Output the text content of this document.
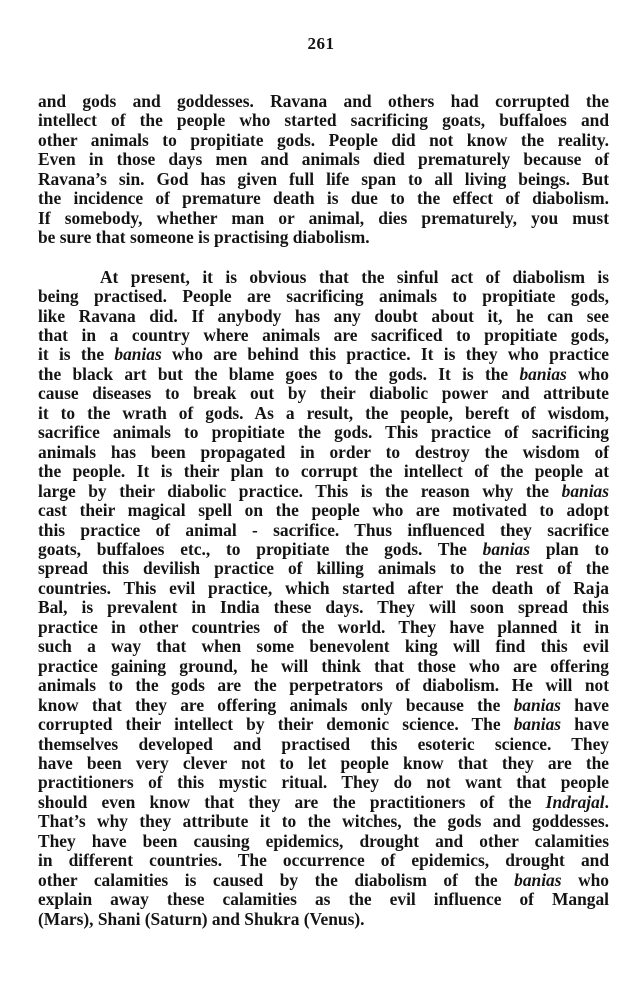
261
and gods and goddesses. Ravana and others had corrupted the
intellect of the people who started sacrificing goats, buffaloes and
other animals to propitiate gods. People did not know the reality.
Even in those days men and animals died prematurely because of
Ravana’s sin. God has given full life span to all living beings. But
the incidence of premature death is due to the effect of diabolism.
If somebody, whether man or animal, dies prematurely, you must
be sure that someone is practising diabolism.
At present, it is obvious that the sinful act of diabolism is
being practised. People are sacrificing animals to propitiate gods,
like Ravana did. If anybody has any doubt about it, he can see
that in a country where animals are sacrificed to propitiate gods,
it is the banias who are behind this practice. It is they who practice
the black art but the blame goes to the gods. It is the banias who
cause diseases to break out by their diabolic power and attribute
it to the wrath of gods. As a result, the people, bereft of wisdom,
sacrifice animals to propitiate the gods. This practice of sacrificing
animals has been propagated in order to destroy the wisdom of
the people. It is their plan to corrupt the intellect of the people at
large by their diabolic practice. This is the reason why the banias
cast their magical spell on the people who are motivated to adopt
this practice of animal - sacrifice. Thus influenced they sacrifice
goats, buffaloes etc., to propitiate the gods. The banias plan to
spread this devilish practice of killing animals to the rest of the
countries. This evil practice, which started after the death of Raja
Bal, is prevalent in India these days. They will soon spread this
practice in other countries of the world. They have planned it in
such a way that when some benevolent king will find this evil
practice gaining ground, he will think that those who are offering
animals to the gods are the perpetrators of diabolism. He will not
know that they are offering animals only because the banias have
corrupted their intellect by their demonic science. The banias have
themselves developed and practised this esoteric science. They
have been very clever not to let people know that they are the
practitioners of this mystic ritual. They do not want that people
should even know that they are the practitioners of the Indrajal.
That’s why they attribute it to the witches, the gods and goddesses.
They have been causing epidemics, drought and other calamities
in different countries. The occurrence of epidemics, drought and
other calamities is caused by the diabolism of the banias who
explain away these calamities as the evil influence of Mangal
(Mars), Shani (Saturn) and Shukra (Venus).
